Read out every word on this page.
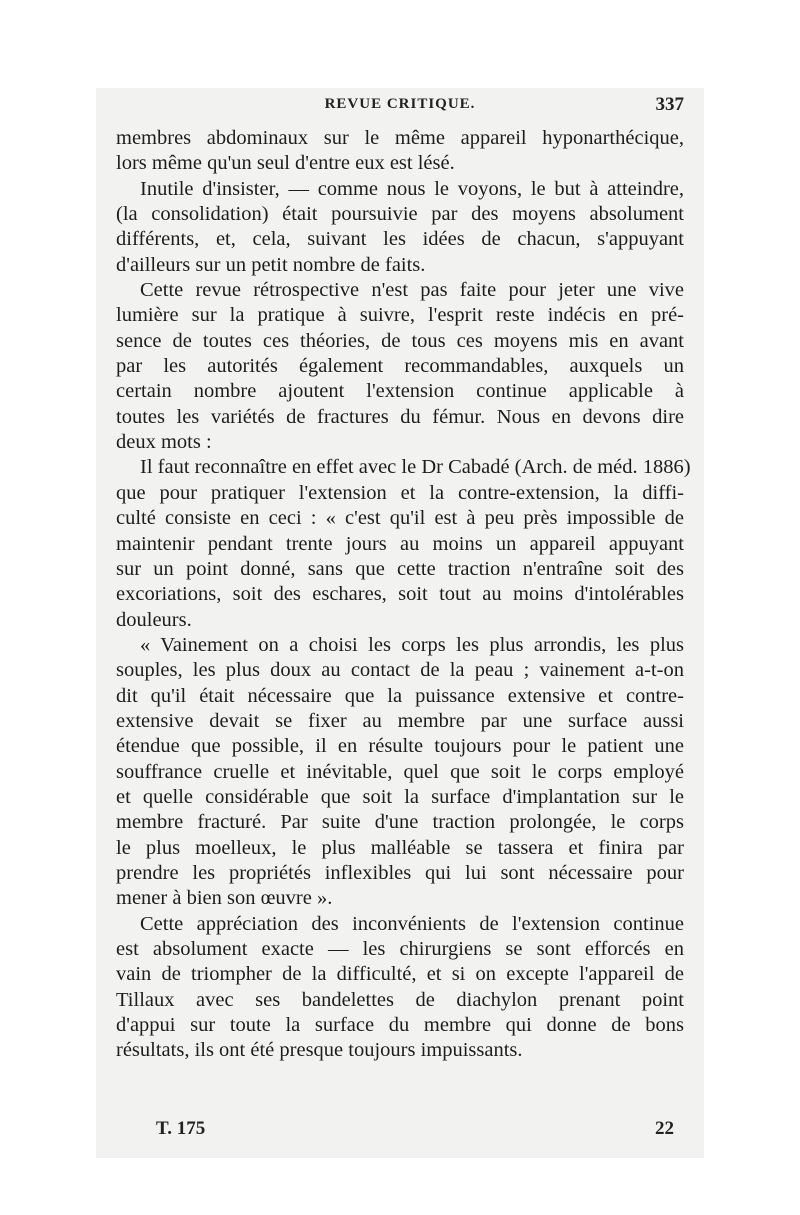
REVUE CRITIQUE.	337
membres abdominaux sur le même appareil hyponarthécique,
lors même qu'un seul d'entre eux est lésé.
Inutile d'insister, — comme nous le voyons, le but à atteindre,
(la consolidation) était poursuivie par des moyens absolument
différents, et, cela, suivant les idées de chacun, s'appuyant
d'ailleurs sur un petit nombre de faits.
Cette revue rétrospective n'est pas faite pour jeter une vive
lumière sur la pratique à suivre, l'esprit reste indécis en pré-
sence de toutes ces théories, de tous ces moyens mis en avant
par les autorités également recommandables, auxquels un
certain nombre ajoutent l'extension continue applicable à
toutes les variétés de fractures du fémur. Nous en devons dire
deux mots :
Il faut reconnaître en effet avec le Dr Cabadé (Arch. de méd. 1886)
que pour pratiquer l'extension et la contre-extension, la diffi-
culté consiste en ceci : « c'est qu'il est à peu près impossible de
maintenir pendant trente jours au moins un appareil appuyant
sur un point donné, sans que cette traction n'entraîne soit des
excoriations, soit des eschares, soit tout au moins d'intolérables
douleurs.
« Vainement on a choisi les corps les plus arrondis, les plus
souples, les plus doux au contact de la peau ; vainement a-t-on
dit qu'il était nécessaire que la puissance extensive et contre-
extensive devait se fixer au membre par une surface aussi
étendue que possible, il en résulte toujours pour le patient une
souffrance cruelle et inévitable, quel que soit le corps employé
et quelle considérable que soit la surface d'implantation sur le
membre fracturé. Par suite d'une traction prolongée, le corps
le plus moelleux, le plus malléable se tassera et finira par
prendre les propriétés inflexibles qui lui sont nécessaire pour
mener à bien son œuvre ».
Cette appréciation des inconvénients de l'extension continue
est absolument exacte — les chirurgiens se sont efforcés en
vain de triompher de la difficulté, et si on excepte l'appareil de
Tillaux avec ses bandelettes de diachylon prenant point
d'appui sur toute la surface du membre qui donne de bons
résultats, ils ont été presque toujours impuissants.
T. 175	22
